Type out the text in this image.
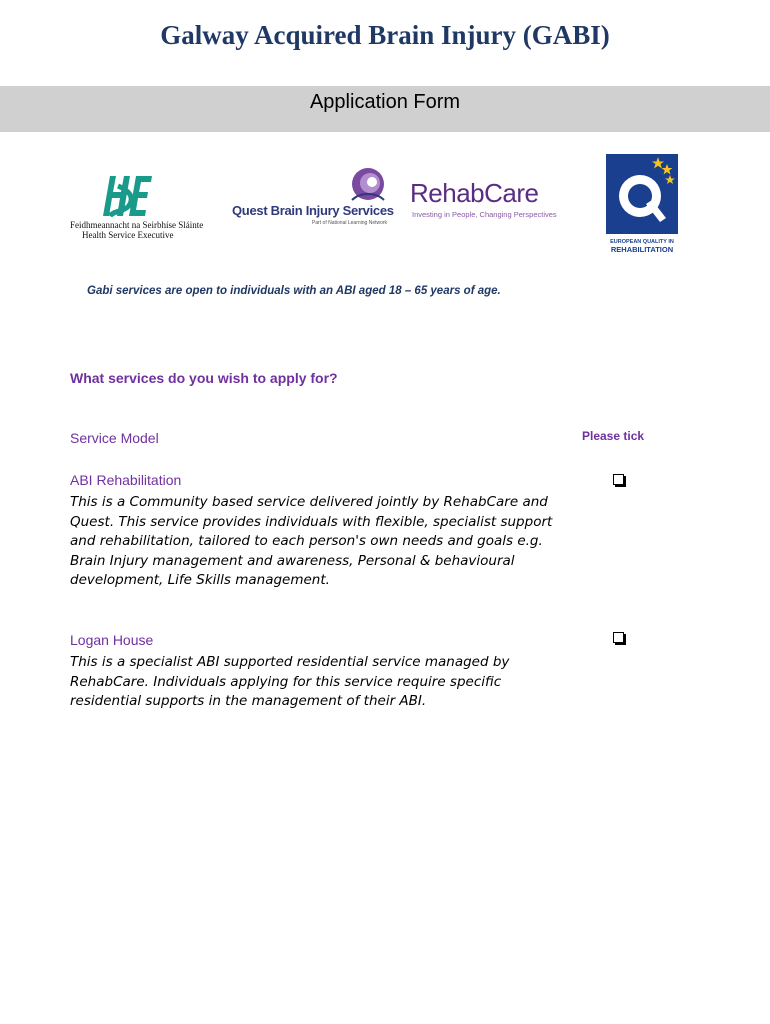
Galway Acquired Brain Injury (GABI)
Application Form
Feidhmeannacht na Seirbhíse Sláinte
Health Service Executive
Quest Brain Injury Services
Part of National Learning Network
RehabCare
Investing in People, Changing Perspectives
EUROPEAN QUALITY IN
REHABILITATION
Gabi services are open to individuals with an ABI aged 18 – 65 years of age.
What services do you wish to apply for?
Service Model	Please tick
ABI Rehabilitation
This is a Community based service delivered jointly by RehabCare and Quest. This service provides individuals with flexible, specialist support and rehabilitation, tailored to each person's own needs and goals e.g. Brain Injury management and awareness, Personal & behavioural development, Life Skills management.
Logan House
This is a specialist ABI supported residential service managed by RehabCare. Individuals applying for this service require specific residential supports in the management of their ABI.
